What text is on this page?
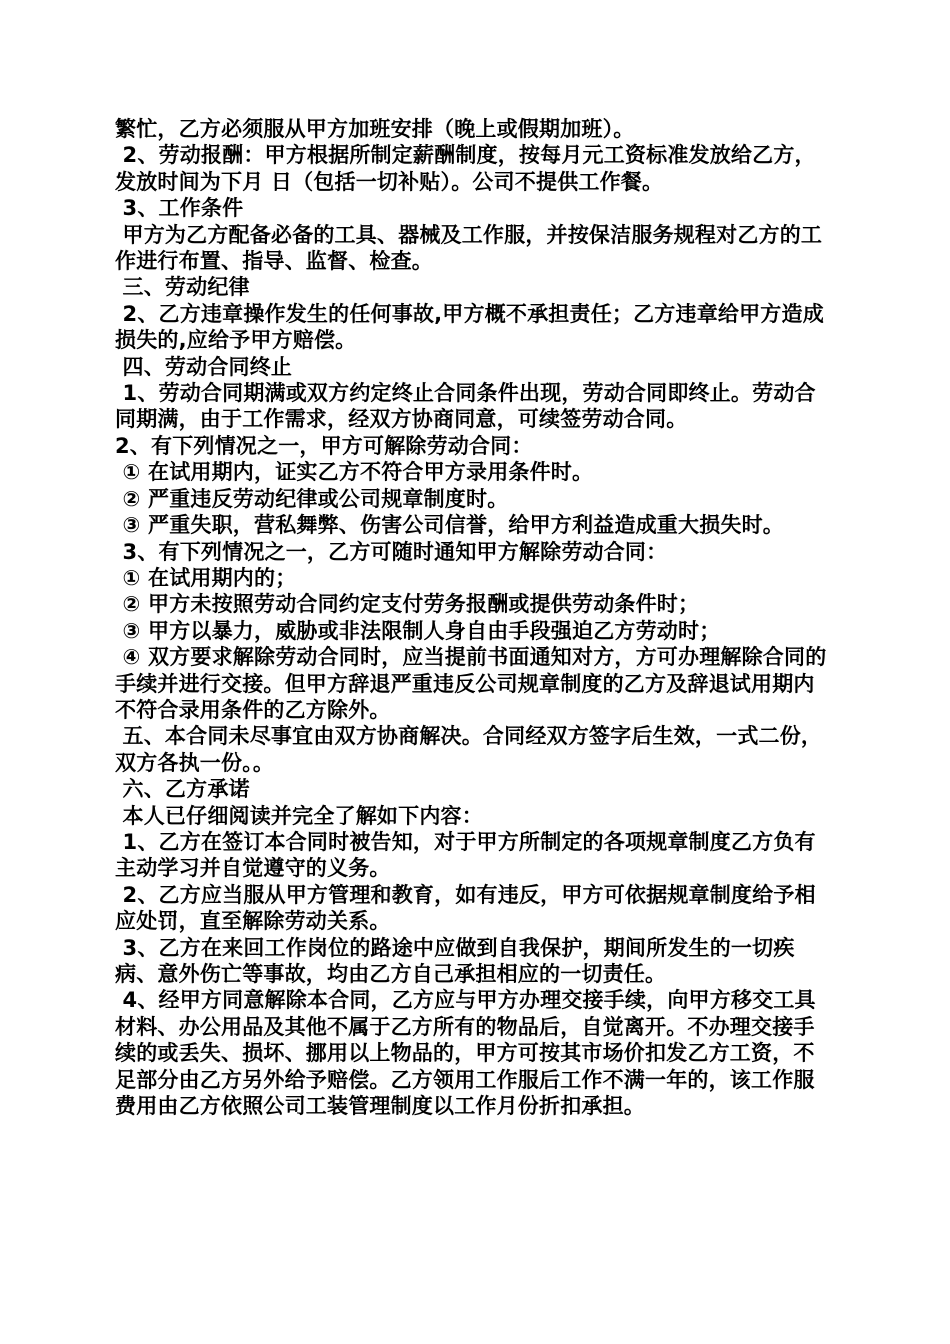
繁忙，乙方必须服从甲方加班安排（晚上或假期加班）。

2、劳动报酬：甲方根据所制定薪酬制度，按每月元工资标准发放给乙方，发放时间为下月 日（包括一切补贴）。公司不提供工作餐。

3、工作条件

甲方为乙方配备必备的工具、器械及工作服，并按保洁服务规程对乙方的工作进行布置、指导、监督、检查。

三、劳动纪律

2、乙方违章操作发生的任何事故,甲方概不承担责任；乙方违章给甲方造成损失的,应给予甲方赔偿。

四、劳动合同终止

1、劳动合同期满或双方约定终止合同条件出现，劳动合同即终止。劳动合同期满，由于工作需求，经双方协商同意，可续签劳动合同。

2、有下列情况之一，甲方可解除劳动合同：

① 在试用期内，证实乙方不符合甲方录用条件时。

② 严重违反劳动纪律或公司规章制度时。

③ 严重失职，营私舞弊、伤害公司信誉，给甲方利益造成重大损失时。

3、有下列情况之一，乙方可随时通知甲方解除劳动合同：

① 在试用期内的；

② 甲方未按照劳动合同约定支付劳务报酬或提供劳动条件时；

③ 甲方以暴力，威胁或非法限制人身自由手段强迫乙方劳动时；

④ 双方要求解除劳动合同时，应当提前书面通知对方，方可办理解除合同的手续并进行交接。但甲方辞退严重违反公司规章制度的乙方及辞退试用期内不符合录用条件的乙方除外。

五、本合同未尽事宜由双方协商解决。合同经双方签字后生效，一式二份，双方各执一份。。

六、乙方承诺

本人已仔细阅读并完全了解如下内容：

1、乙方在签订本合同时被告知，对于甲方所制定的各项规章制度乙方负有主动学习并自觉遵守的义务。

2、乙方应当服从甲方管理和教育，如有违反，甲方可依据规章制度给予相应处罚，直至解除劳动关系。

3、乙方在来回工作岗位的路途中应做到自我保护，期间所发生的一切疾病、意外伤亡等事故，均由乙方自己承担相应的一切责任。

4、经甲方同意解除本合同，乙方应与甲方办理交接手续，向甲方移交工具材料、办公用品及其他不属于乙方所有的物品后，自觉离开。不办理交接手续的或丢失、损坏、挪用以上物品的，甲方可按其市场价扣发乙方工资，不足部分由乙方另外给予赔偿。乙方领用工作服后工作不满一年的，该工作服费用由乙方依照公司工装管理制度以工作月份折扣承担。
